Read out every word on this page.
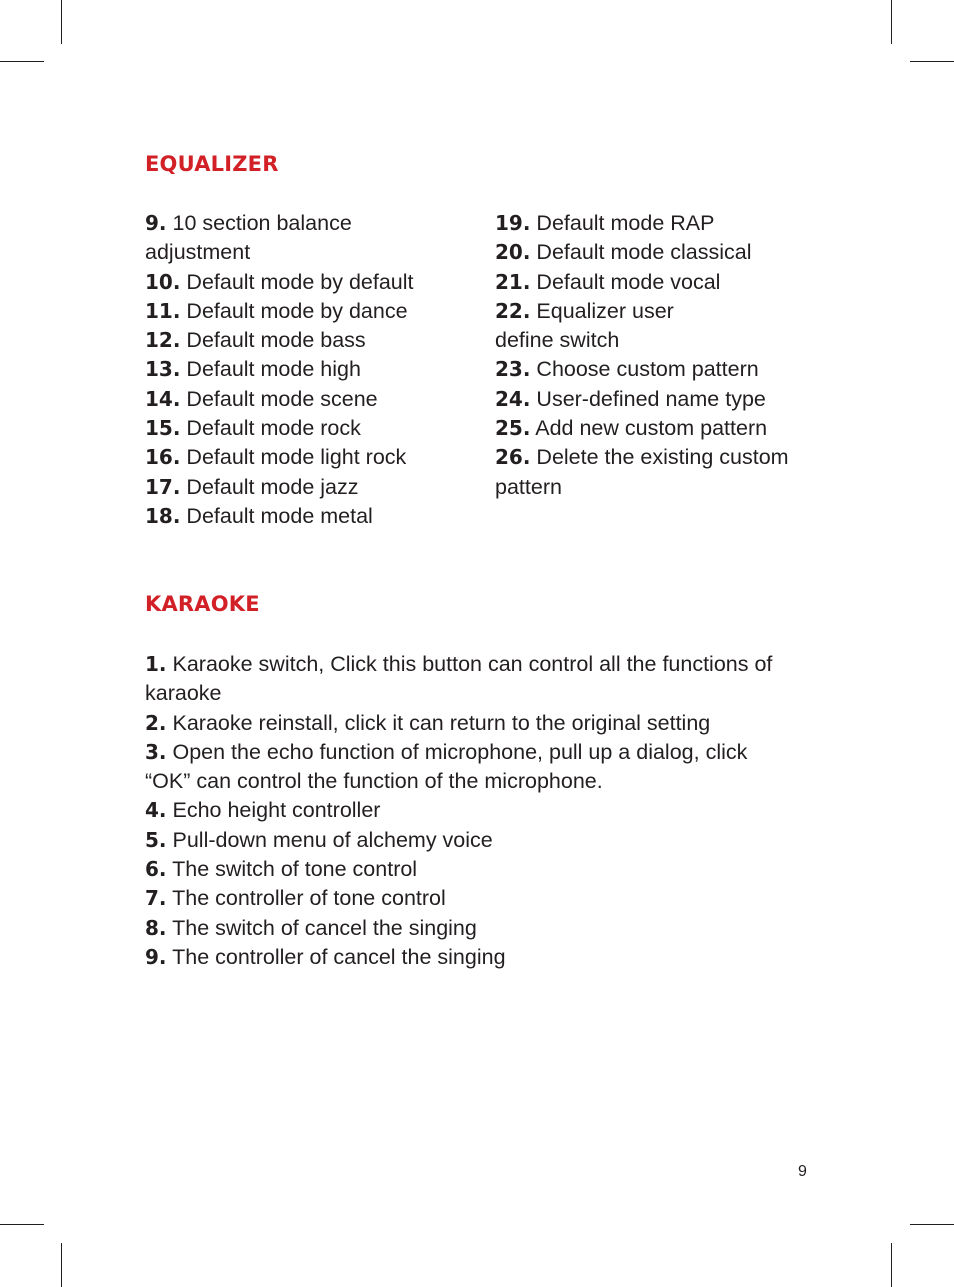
EQUALIZER

9. 10 section balance
adjustment

10. Default mode by default

11. Default mode by dance

12. Default mode bass

13. Default mode high

14. Default mode scene

15. Default mode rock

16. Default mode light rock

17. Default mode jazz

18. Default mode metal

19. Default mode RAP

20. Default mode classical

21. Default mode vocal

22. Equalizer user
define switch

23. Choose custom pattern

24. User-defined name type

25. Add new custom pattern

26. Delete the existing custom
pattern

KARAOKE

1. Karaoke switch, Click this button can control all the functions of
karaoke

2. Karaoke reinstall, click it can return to the original setting

3. Open the echo function of microphone, pull up a dialog, click
“OK” can control the function of the microphone.

4. Echo height controller

5. Pull-down menu of alchemy voice

6. The switch of tone control

7. The controller of tone control

8. The switch of cancel the singing

9. The controller of cancel the singing

9
